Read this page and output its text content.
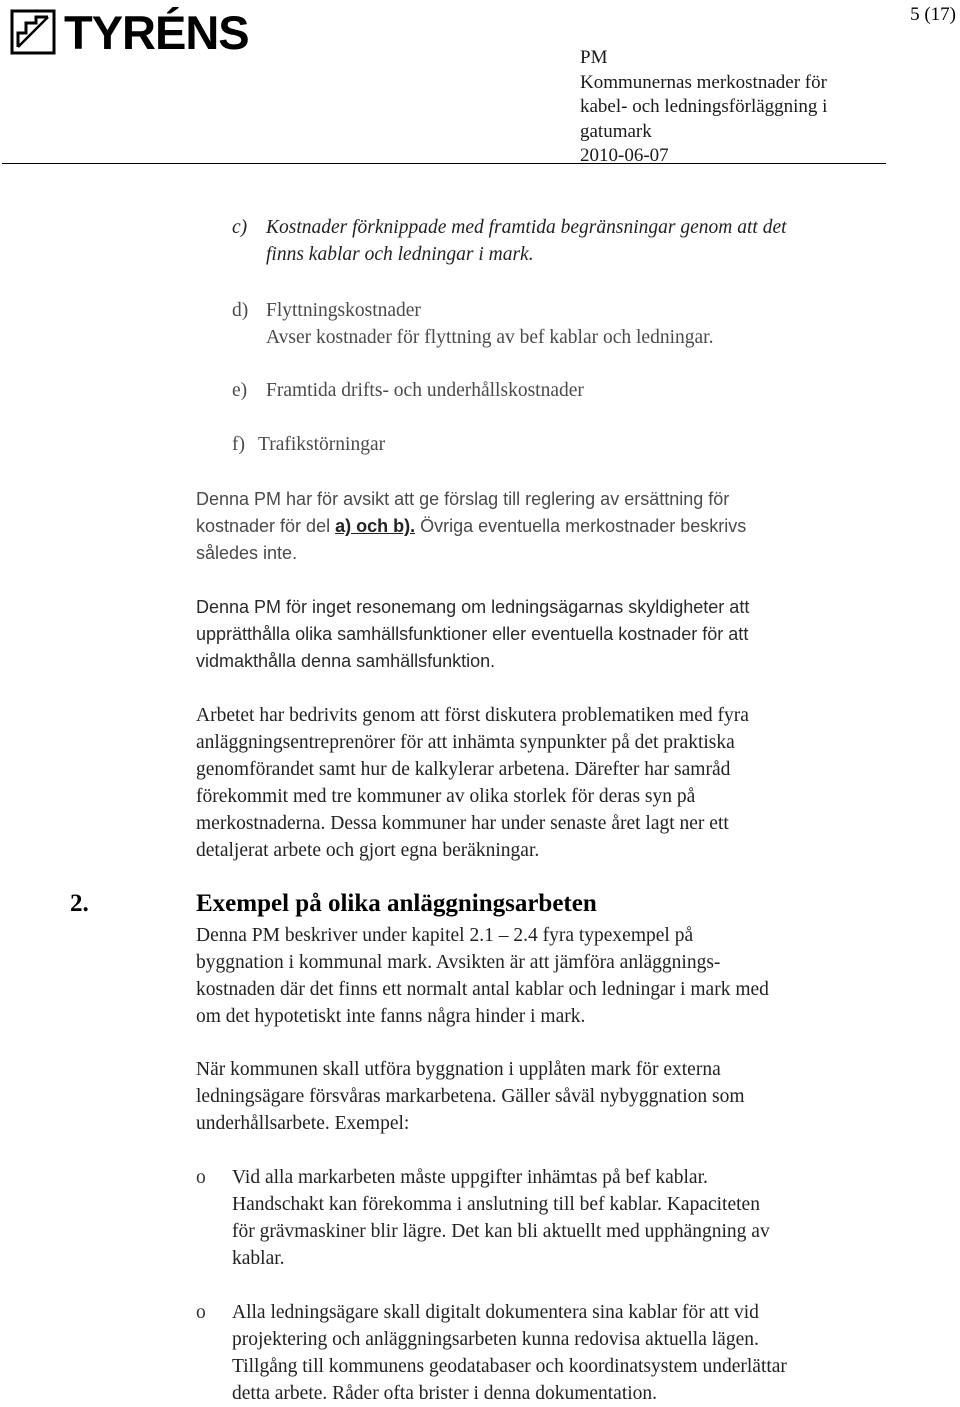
TYRÉNS	5 (17)
PM
Kommunernas merkostnader för
kabel- och ledningsförläggning i
gatumark
2010-06-07
c) Kostnader förknippade med framtida begränsningar genom att det
finns kablar och ledningar i mark.
d) Flyttningskostnader
Avser kostnader för flyttning av bef kablar och ledningar.
e) Framtida drifts- och underhållskostnader
f) Trafikstörningar
Denna PM har för avsikt att ge förslag till reglering av ersättning för
kostnader för del a) och b). Övriga eventuella merkostnader beskrivs
således inte.
Denna PM för inget resonemang om ledningsägarnas skyldigheter att
upprätthålla olika samhällsfunktioner eller eventuella kostnader för att
vidmakthålla denna samhällsfunktion.
Arbetet har bedrivits genom att först diskutera problematiken med fyra
anläggningsentreprenörer för att inhämta synpunkter på det praktiska
genomförandet samt hur de kalkylerar arbetena. Därefter har samråd
förekommit med tre kommuner av olika storlek för deras syn på
merkostnaderna. Dessa kommuner har under senaste året lagt ner ett
detaljerat arbete och gjort egna beräkningar.
2.	Exempel på olika anläggningsarbeten
Denna PM beskriver under kapitel 2.1 – 2.4 fyra typexempel på
byggnation i kommunal mark. Avsikten är att jämföra anläggnings-
kostnaden där det finns ett normalt antal kablar och ledningar i mark med
om det hypotetiskt inte fanns några hinder i mark.
När kommunen skall utföra byggnation i upplåten mark för externa
ledningsägare försvåras markarbetena. Gäller såväl nybyggnation som
underhållsarbete. Exempel:
o Vid alla markarbeten måste uppgifter inhämtas på bef kablar.
Handschakt kan förekomma i anslutning till bef kablar. Kapaciteten
för grävmaskiner blir lägre. Det kan bli aktuellt med upphängning av
kablar.
o Alla ledningsägare skall digitalt dokumentera sina kablar för att vid
projektering och anläggningsarbeten kunna redovisa aktuella lägen.
Tillgång till kommunens geodatabaser och koordinatsystem underlättar
detta arbete. Råder ofta brister i denna dokumentation.
